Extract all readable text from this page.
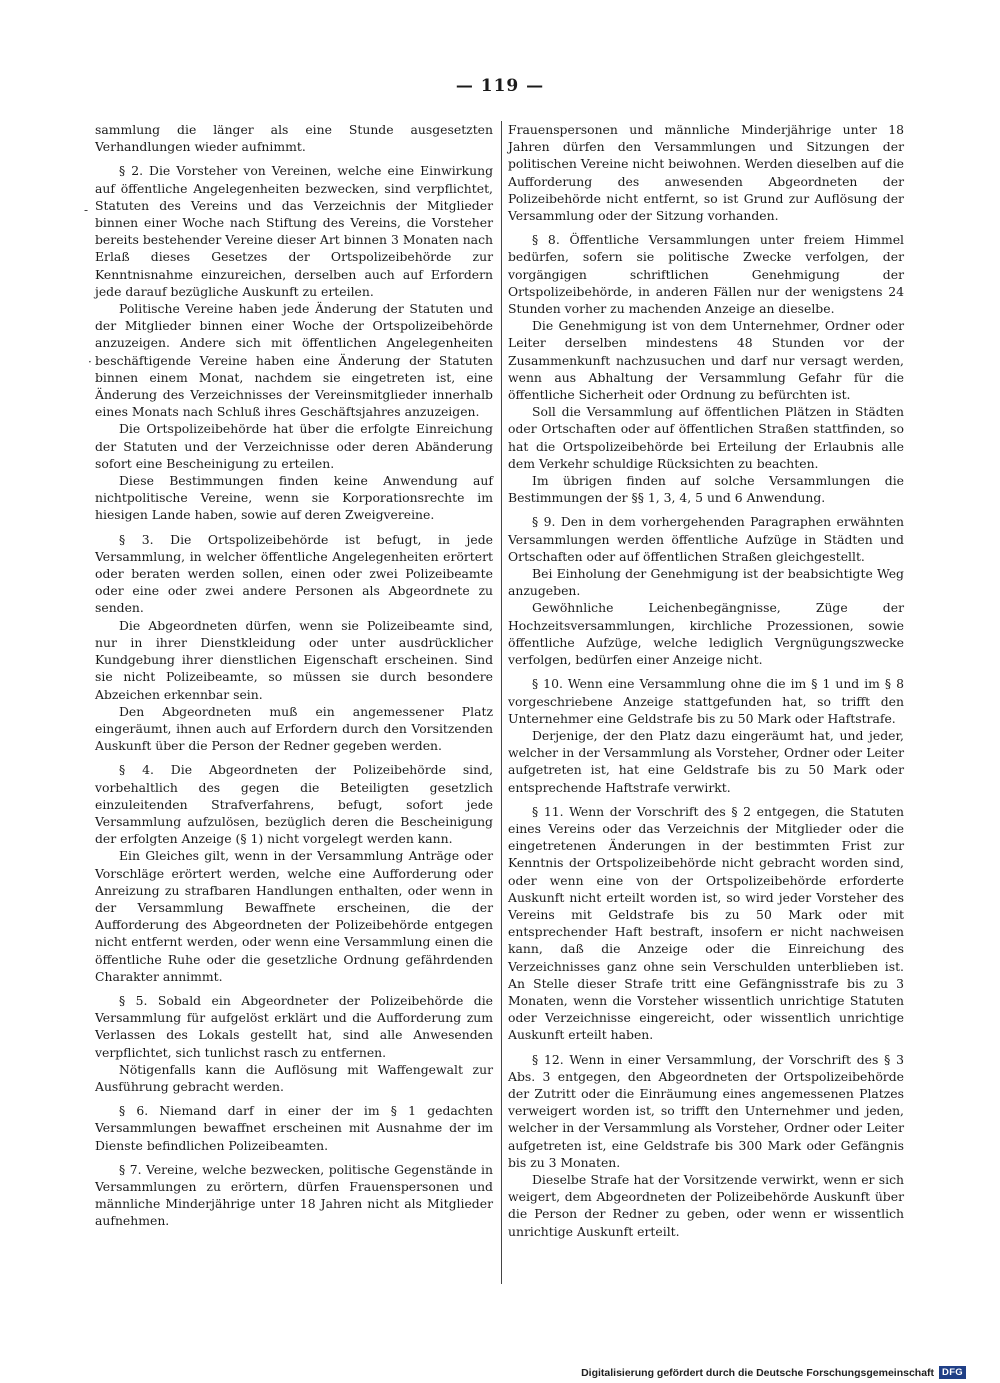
— 119 —

sammlung die länger als eine Stunde ausgesetzten Verhandlungen wieder aufnimmt.

§ 2. Die Vorsteher von Vereinen, welche eine Einwirkung auf öffentliche Angelegenheiten bezwecken, sind verpflichtet, Statuten des Vereins und das Verzeichnis der Mitglieder binnen einer Woche nach Stiftung des Vereins, die Vorsteher bereits bestehender Vereine dieser Art binnen 3 Monaten nach Erlaß dieses Gesetzes der Ortspolizeibehörde zur Kenntnisnahme einzureichen, derselben auch auf Erfordern jede darauf bezügliche Auskunft zu erteilen.

Politische Vereine haben jede Änderung der Statuten und der Mitglieder binnen einer Woche der Ortspolizeibehörde anzuzeigen. Andere sich mit öffentlichen Angelegenheiten beschäftigende Vereine haben eine Änderung der Statuten binnen einem Monat, nachdem sie eingetreten ist, eine Änderung des Verzeichnisses der Vereinsmitglieder innerhalb eines Monats nach Schluß ihres Geschäftsjahres anzuzeigen.

Die Ortspolizeibehörde hat über die erfolgte Einreichung der Statuten und der Verzeichnisse oder deren Abänderung sofort eine Bescheinigung zu erteilen.

Diese Bestimmungen finden keine Anwendung auf nichtpolitische Vereine, wenn sie Korporationsrechte im hiesigen Lande haben, sowie auf deren Zweigvereine.

§ 3. Die Ortspolizeibehörde ist befugt, in jede Versammlung, in welcher öffentliche Angelegenheiten erörtert oder beraten werden sollen, einen oder zwei Polizeibeamte oder eine oder zwei andere Personen als Abgeordnete zu senden.

Die Abgeordneten dürfen, wenn sie Polizeibeamte sind, nur in ihrer Dienstkleidung oder unter ausdrücklicher Kundgebung ihrer dienstlichen Eigenschaft erscheinen. Sind sie nicht Polizeibeamte, so müssen sie durch besondere Abzeichen erkennbar sein.

Den Abgeordneten muß ein angemessener Platz eingeräumt, ihnen auch auf Erfordern durch den Vorsitzenden Auskunft über die Person der Redner gegeben werden.

§ 4. Die Abgeordneten der Polizeibehörde sind, vorbehaltlich des gegen die Beteiligten gesetzlich einzuleitenden Strafverfahrens, befugt, sofort jede Versammlung aufzulösen, bezüglich deren die Bescheinigung der erfolgten Anzeige (§ 1) nicht vorgelegt werden kann.

Ein Gleiches gilt, wenn in der Versammlung Anträge oder Vorschläge erörtert werden, welche eine Aufforderung oder Anreizung zu strafbaren Handlungen enthalten, oder wenn in der Versammlung Bewaffnete erscheinen, die der Aufforderung des Abgeordneten der Polizeibehörde entgegen nicht entfernt werden, oder wenn eine Versammlung einen die öffentliche Ruhe oder die gesetzliche Ordnung gefährdenden Charakter annimmt.

§ 5. Sobald ein Abgeordneter der Polizeibehörde die Versammlung für aufgelöst erklärt und die Aufforderung zum Verlassen des Lokals gestellt hat, sind alle Anwesenden verpflichtet, sich tunlichst rasch zu entfernen.

Nötigenfalls kann die Auflösung mit Waffengewalt zur Ausführung gebracht werden.

§ 6. Niemand darf in einer der im § 1 gedachten Versammlungen bewaffnet erscheinen mit Ausnahme der im Dienste befindlichen Polizeibeamten.

§ 7. Vereine, welche bezwecken, politische Gegenstände in Versammlungen zu erörtern, dürfen Frauenspersonen und männliche Minderjährige unter 18 Jahren nicht als Mitglieder aufnehmen.

Frauenspersonen und männliche Minderjährige unter 18 Jahren dürfen den Versammlungen und Sitzungen der politischen Vereine nicht beiwohnen. Werden dieselben auf die Aufforderung des anwesenden Abgeordneten der Polizeibehörde nicht entfernt, so ist Grund zur Auflösung der Versammlung oder der Sitzung vorhanden.

§ 8. Öffentliche Versammlungen unter freiem Himmel bedürfen, sofern sie politische Zwecke verfolgen, der vorgängigen schriftlichen Genehmigung der Ortspolizeibehörde, in anderen Fällen nur der wenigstens 24 Stunden vorher zu machenden Anzeige an dieselbe.

Die Genehmigung ist von dem Unternehmer, Ordner oder Leiter derselben mindestens 48 Stunden vor der Zusammenkunft nachzusuchen und darf nur versagt werden, wenn aus Abhaltung der Versammlung Gefahr für die öffentliche Sicherheit oder Ordnung zu befürchten ist.

Soll die Versammlung auf öffentlichen Plätzen in Städten oder Ortschaften oder auf öffentlichen Straßen stattfinden, so hat die Ortspolizeibehörde bei Erteilung der Erlaubnis alle dem Verkehr schuldige Rücksichten zu beachten.

Im übrigen finden auf solche Versammlungen die Bestimmungen der §§ 1, 3, 4, 5 und 6 Anwendung.

§ 9. Den in dem vorhergehenden Paragraphen erwähnten Versammlungen werden öffentliche Aufzüge in Städten und Ortschaften oder auf öffentlichen Straßen gleichgestellt.

Bei Einholung der Genehmigung ist der beabsichtigte Weg anzugeben.

Gewöhnliche Leichenbegängnisse, Züge der Hochzeitsversammlungen, kirchliche Prozessionen, sowie öffentliche Aufzüge, welche lediglich Vergnügungszwecke verfolgen, bedürfen einer Anzeige nicht.

§ 10. Wenn eine Versammlung ohne die im § 1 und im § 8 vorgeschriebene Anzeige stattgefunden hat, so trifft den Unternehmer eine Geldstrafe bis zu 50 Mark oder Haftstrafe.

Derjenige, der den Platz dazu eingeräumt hat, und jeder, welcher in der Versammlung als Vorsteher, Ordner oder Leiter aufgetreten ist, hat eine Geldstrafe bis zu 50 Mark oder entsprechende Haftstrafe verwirkt.

§ 11. Wenn der Vorschrift des § 2 entgegen, die Statuten eines Vereins oder das Verzeichnis der Mitglieder oder die eingetretenen Änderungen in der bestimmten Frist zur Kenntnis der Ortspolizeibehörde nicht gebracht worden sind, oder wenn eine von der Ortspolizeibehörde erforderte Auskunft nicht erteilt worden ist, so wird jeder Vorsteher des Vereins mit Geldstrafe bis zu 50 Mark oder mit entsprechender Haft bestraft, insofern er nicht nachweisen kann, daß die Anzeige oder die Einreichung des Verzeichnisses ganz ohne sein Verschulden unterblieben ist. An Stelle dieser Strafe tritt eine Gefängnisstrafe bis zu 3 Monaten, wenn die Vorsteher wissentlich unrichtige Statuten oder Verzeichnisse eingereicht, oder wissentlich unrichtige Auskunft erteilt haben.

§ 12. Wenn in einer Versammlung, der Vorschrift des § 3 Abs. 3 entgegen, den Abgeordneten der Ortspolizeibehörde der Zutritt oder die Einräumung eines angemessenen Platzes verweigert worden ist, so trifft den Unternehmer und jeden, welcher in der Versammlung als Vorsteher, Ordner oder Leiter aufgetreten ist, eine Geldstrafe bis 300 Mark oder Gefängnis bis zu 3 Monaten.

Dieselbe Strafe hat der Vorsitzende verwirkt, wenn er sich weigert, dem Abgeordneten der Polizeibehörde Auskunft über die Person der Redner zu geben, oder wenn er wissentlich unrichtige Auskunft erteilt.

-
·
Digitalisierung gefördert durch die Deutsche Forschungsgemeinschaft DFG
